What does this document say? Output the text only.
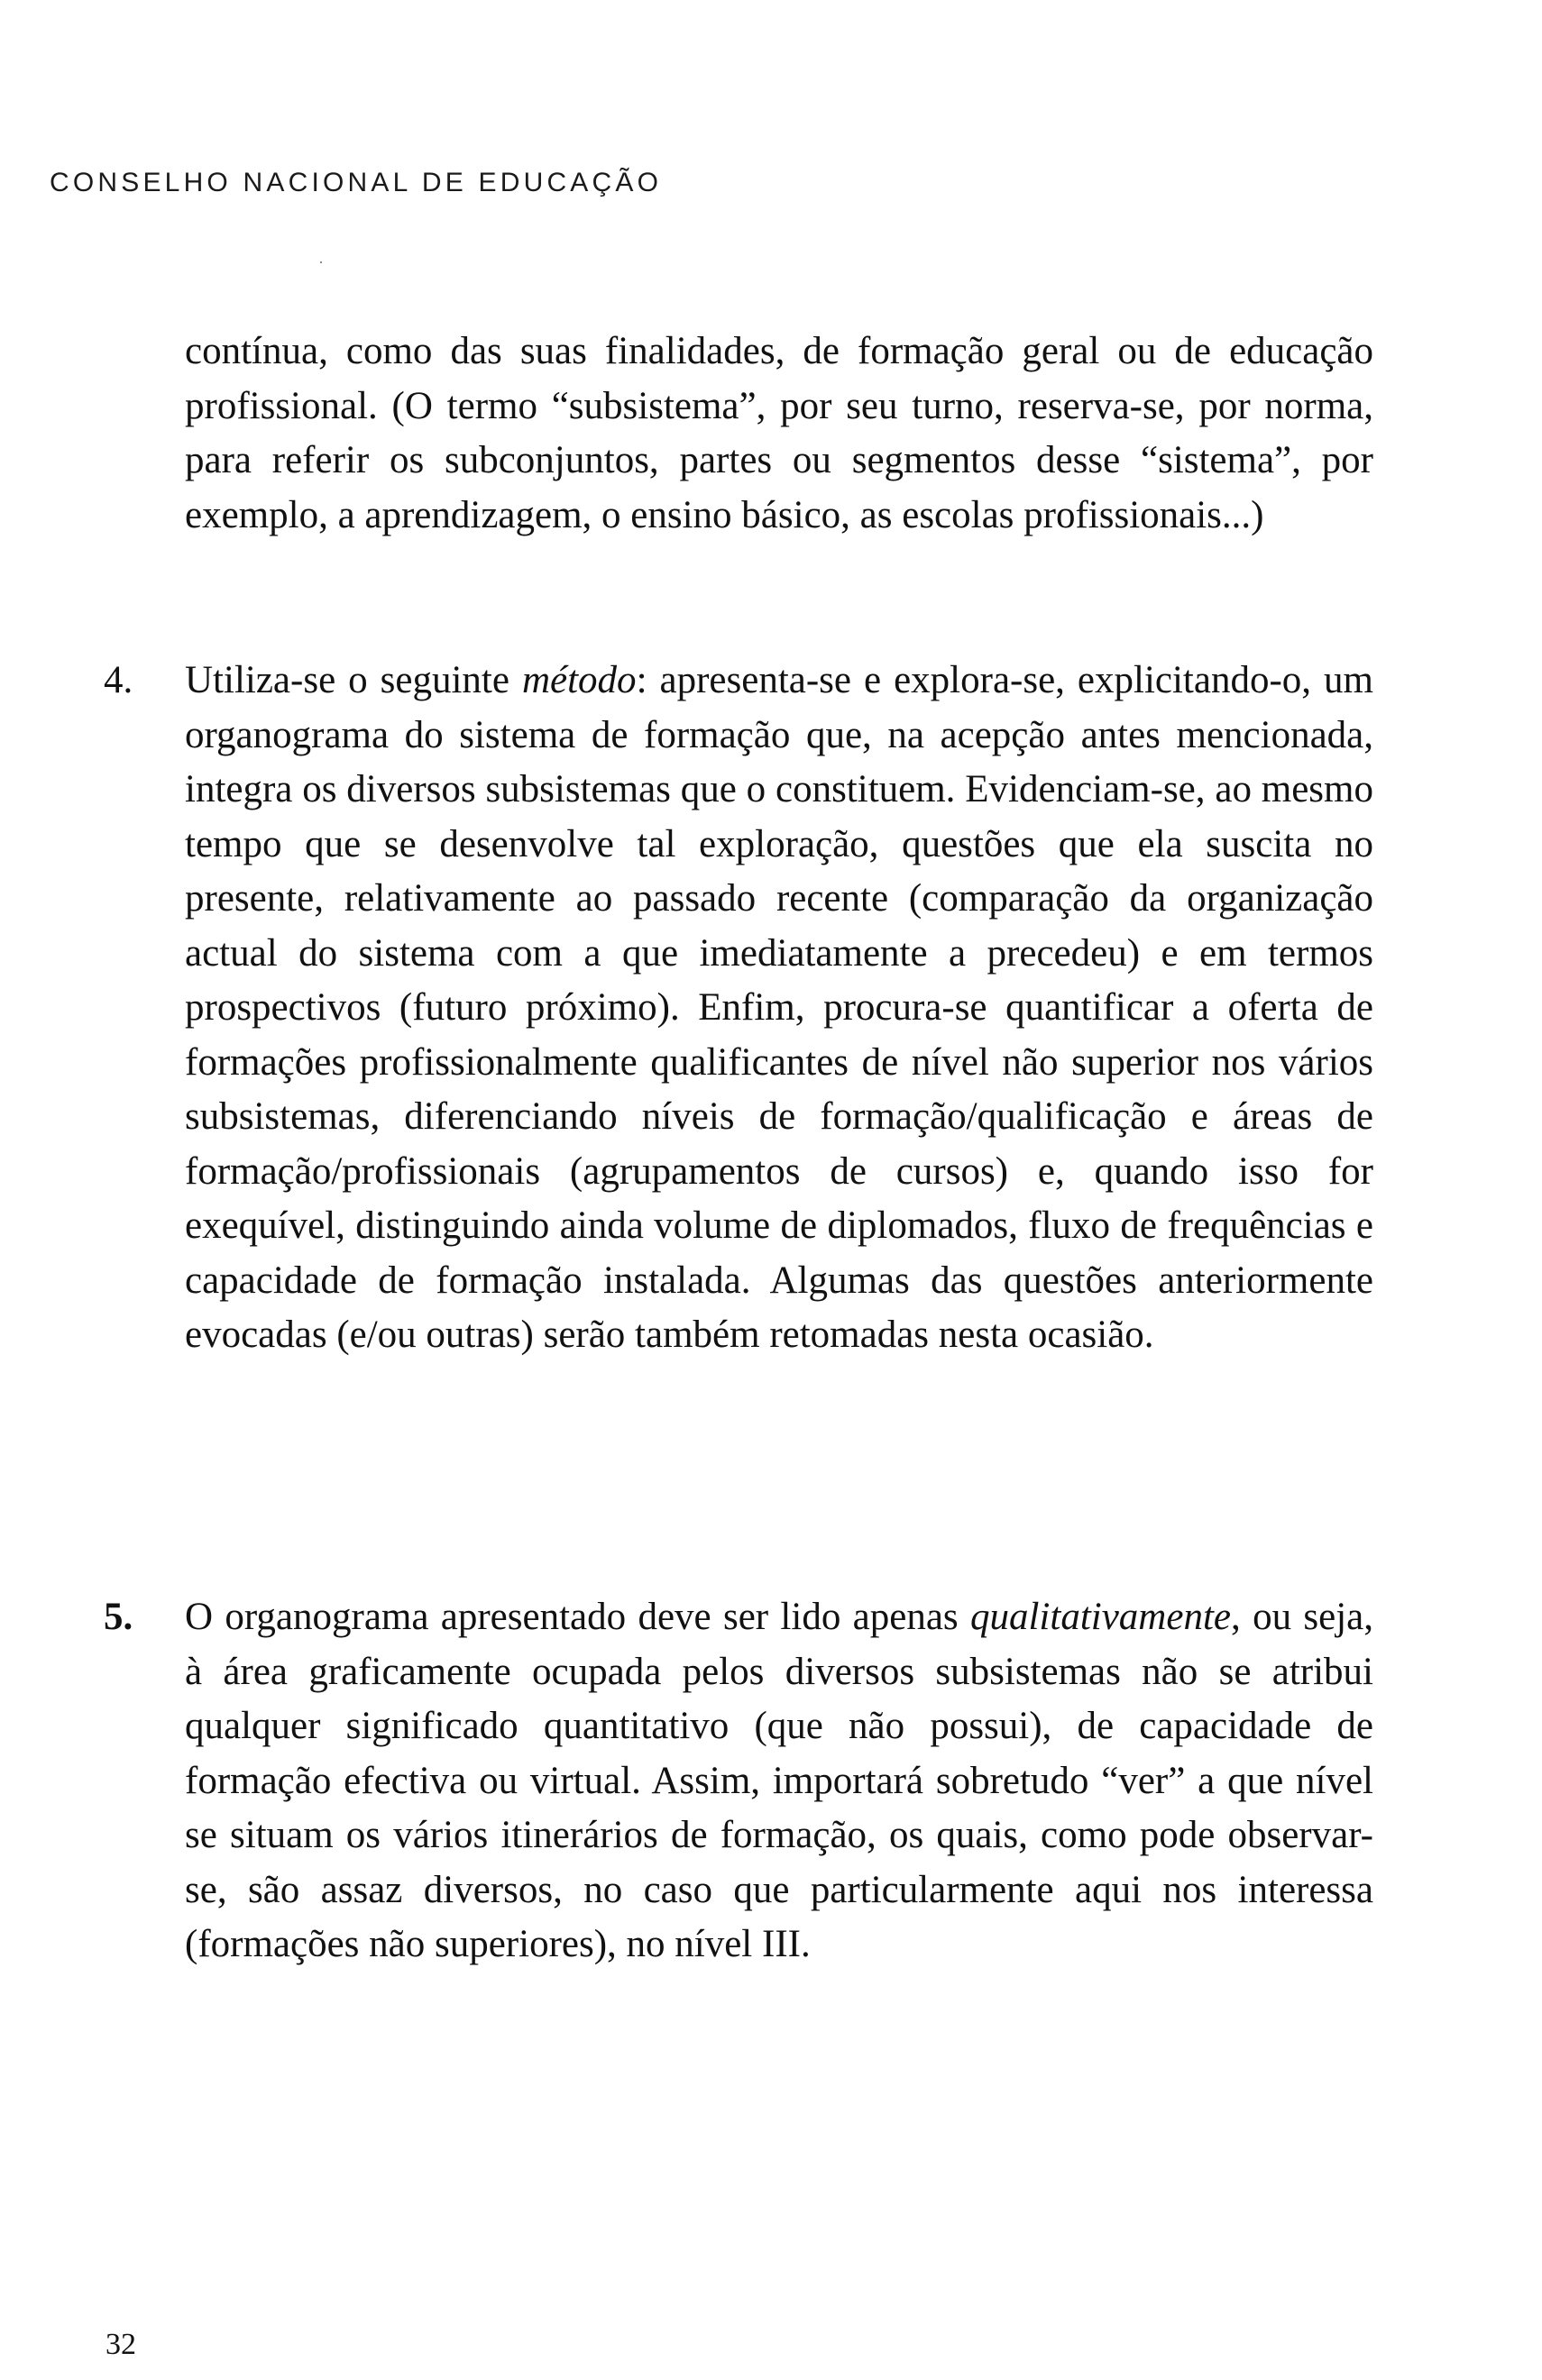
CONSELHO NACIONAL DE EDUCAÇÃO

contínua, como das suas finalidades, de formação geral ou de educação profissional. (O termo “subsistema”, por seu turno, reserva-se, por norma, para referir os subconjuntos, partes ou segmentos desse “sistema”, por exemplo, a aprendizagem, o ensino básico, as escolas profissionais...)

4. Utiliza-se o seguinte método: apresenta-se e explora-se, explicitando-o, um organograma do sistema de formação que, na acepção antes mencionada, integra os diversos subsistemas que o constituem. Evidenciam-se, ao mesmo tempo que se desenvolve tal exploração, questões que ela suscita no presente, relativamente ao passado recente (comparação da organização actual do sistema com a que imediatamente a precedeu) e em termos prospectivos (futuro próximo). Enfim, procura-se quantificar a oferta de formações profissionalmente qualificantes de nível não superior nos vários subsistemas, diferenciando níveis de formação/qualificação e áreas de formação/profissionais (agrupamentos de cursos) e, quando isso for exequível, distinguindo ainda volume de diplomados, fluxo de frequências e capacidade de formação instalada. Algumas das questões anteriormente evocadas (e/ou outras) serão também retomadas nesta ocasião.

5. O organograma apresentado deve ser lido apenas qualitativamente, ou seja, à área graficamente ocupada pelos diversos subsistemas não se atribui qualquer significado quantitativo (que não possui), de capacidade de formação efectiva ou virtual. Assim, importará sobretudo “ver” a que nível se situam os vários itinerários de formação, os quais, como pode observar-se, são assaz diversos, no caso que particularmente aqui nos interessa (formações não superiores), no nível III.

32
